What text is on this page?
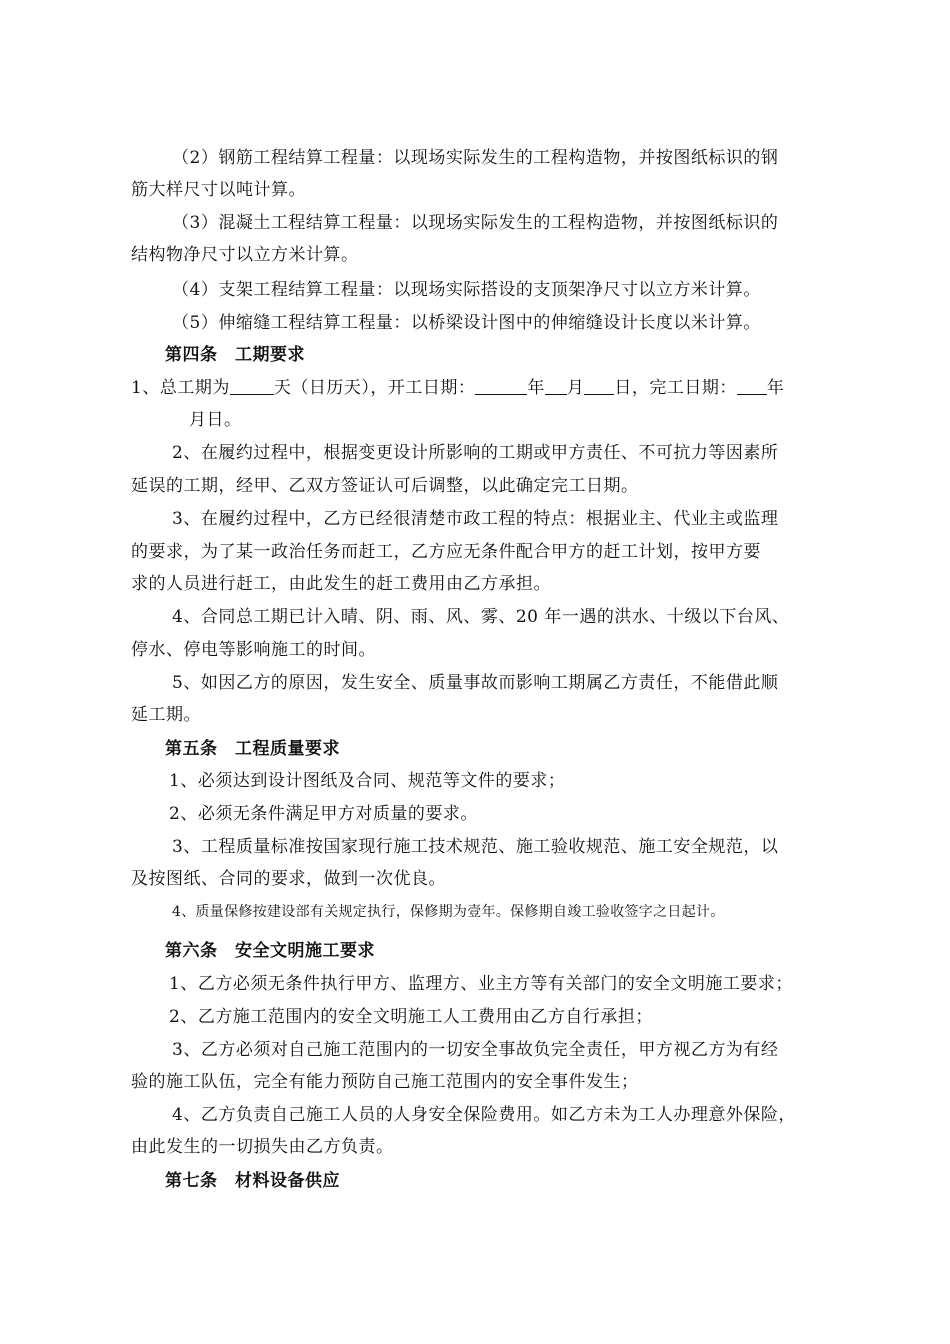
（2）钢筋工程结算工程量：以现场实际发生的工程构造物，并按图纸标识的钢

筋大样尺寸以吨计算。

（3）混凝土工程结算工程量：以现场实际发生的工程构造物，并按图纸标识的

结构物净尺寸以立方米计算。

（4）支架工程结算工程量：以现场实际搭设的支顶架净尺寸以立方米计算。

（5）伸缩缝工程结算工程量：以桥梁设计图中的伸缩缝设计长度以米计算。

第四条　工期要求

1、总工期为	天（日历天），开工日期：	年 月 日，完工日期： 年

月日。

2、在履约过程中，根据变更设计所影响的工期或甲方责任、不可抗力等因素所

延误的工期，经甲、乙双方签证认可后调整，以此确定完工日期。

3、在履约过程中，乙方已经很清楚市政工程的特点：根据业主、代业主或监理

的要求，为了某一政治任务而赶工，乙方应无条件配合甲方的赶工计划，按甲方要

求的人员进行赶工，由此发生的赶工费用由乙方承担。

4、合同总工期已计入晴、阴、雨、风、雾、20 年一遇的洪水、十级以下台风、

停水、停电等影响施工的时间。

5、如因乙方的原因，发生安全、质量事故而影响工期属乙方责任，不能借此顺

延工期。

第五条　工程质量要求

1、必须达到设计图纸及合同、规范等文件的要求；

2、必须无条件满足甲方对质量的要求。

3、工程质量标准按国家现行施工技术规范、施工验收规范、施工安全规范，以

及按图纸、合同的要求，做到一次优良。

4、质量保修按建设部有关规定执行，保修期为壹年。保修期自竣工验收签字之日起计。

第六条　安全文明施工要求

1、乙方必须无条件执行甲方、监理方、业主方等有关部门的安全文明施工要求；

2、乙方施工范围内的安全文明施工人工费用由乙方自行承担；

3、乙方必须对自己施工范围内的一切安全事故负完全责任，甲方视乙方为有经

验的施工队伍，完全有能力预防自己施工范围内的安全事件发生；

4、乙方负责自己施工人员的人身安全保险费用。如乙方未为工人办理意外保险，

由此发生的一切损失由乙方负责。

第七条　材料设备供应
